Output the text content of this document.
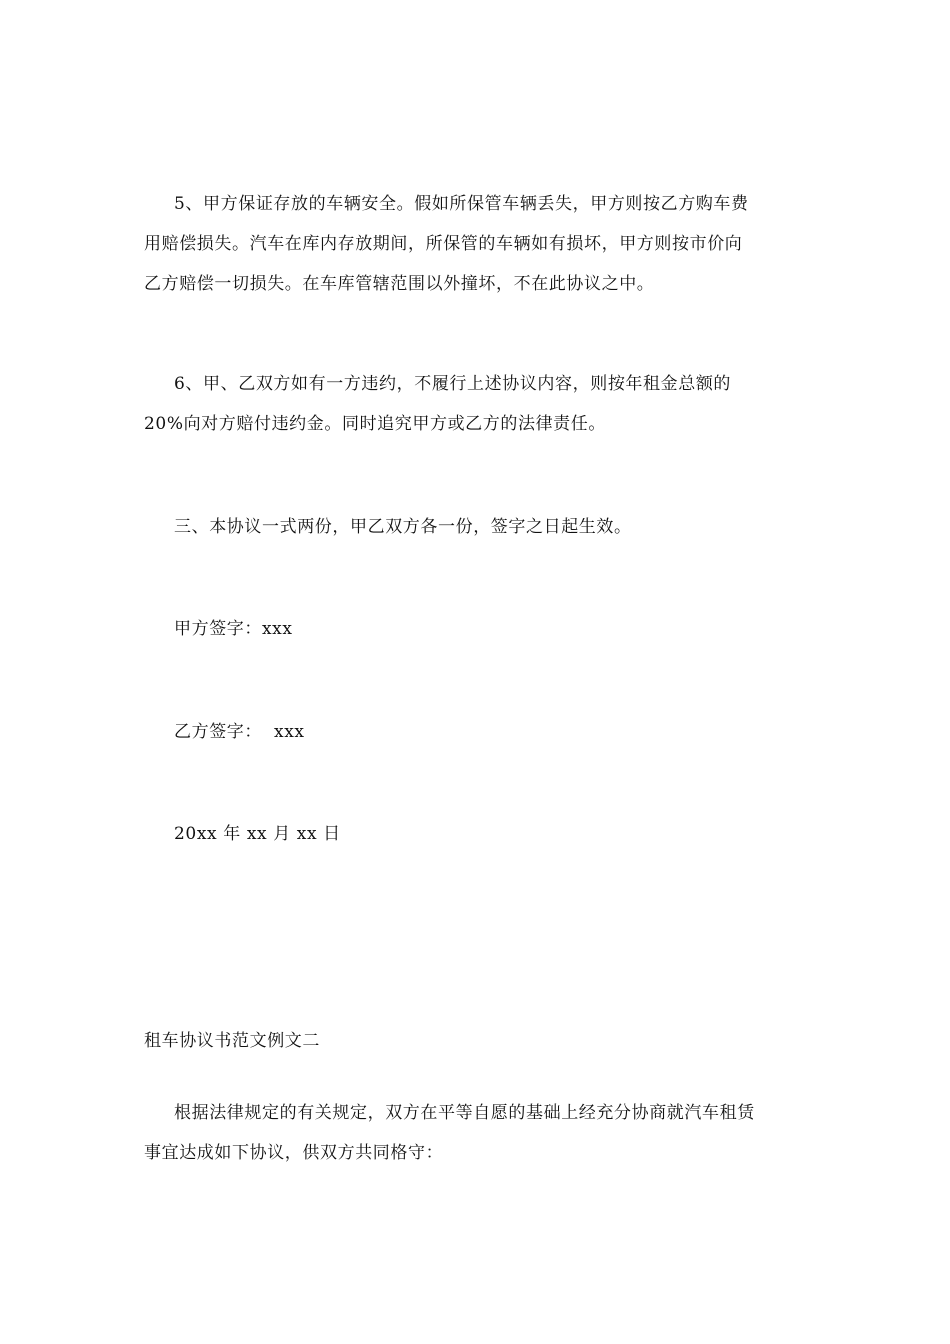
5、甲方保证存放的车辆安全。假如所保管车辆丢失，甲方则按乙方购车费
用赔偿损失。汽车在库内存放期间，所保管的车辆如有损坏，甲方则按市价向
乙方赔偿一切损失。在车库管辖范围以外撞坏，不在此协议之中。
6、甲、乙双方如有一方违约，不履行上述协议内容，则按年租金总额的
20%向对方赔付违约金。同时追究甲方或乙方的法律责任。
三、本协议一式两份，甲乙双方各一份，签字之日起生效。
甲方签字：xxx
乙方签字：  xxx
20xx 年 xx 月 xx 日
租车协议书范文例文二
根据法律规定的有关规定，双方在平等自愿的基础上经充分协商就汽车租赁
事宜达成如下协议，供双方共同格守：
